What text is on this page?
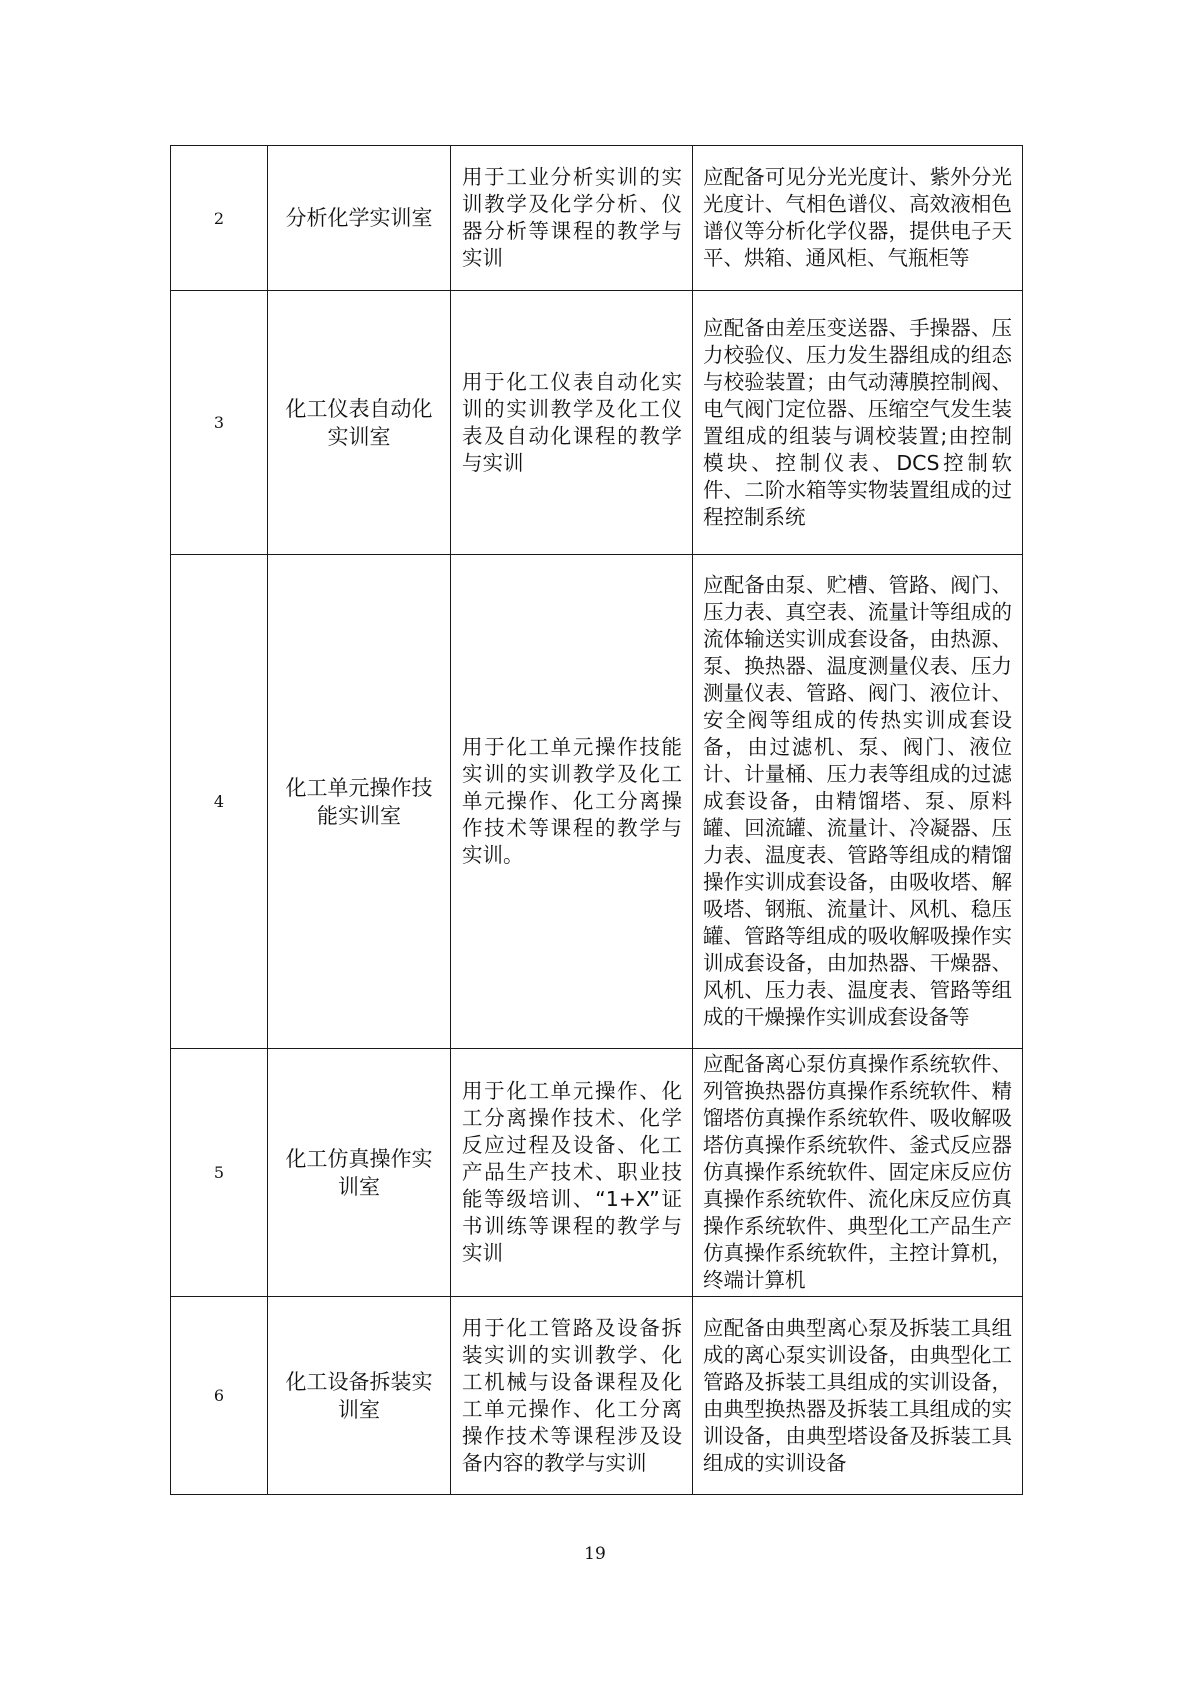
2	分析化学实训室	用于工业分析实训的实训教学及化学分析、仪器分析等课程的教学与实训	应配备可见分光光度计、紫外分光光度计、气相色谱仪、高效液相色谱仪等分析化学仪器，提供电子天平、烘箱、通风柜、气瓶柜等
3	化工仪表自动化实训室	用于化工仪表自动化实训的实训教学及化工仪表及自动化课程的教学与实训	应配备由差压变送器、手操器、压力校验仪、压力发生器组成的组态与校验装置；由气动薄膜控制阀、电气阀门定位器、压缩空气发生装置组成的组装与调校装置;由控制模块、控制仪表、DCS控制软件、二阶水箱等实物装置组成的过程控制系统
4	化工单元操作技能实训室	用于化工单元操作技能实训的实训教学及化工单元操作、化工分离操作技术等课程的教学与实训。	应配备由泵、贮槽、管路、阀门、压力表、真空表、流量计等组成的流体输送实训成套设备，由热源、泵、换热器、温度测量仪表、压力测量仪表、管路、阀门、液位计、安全阀等组成的传热实训成套设备，由过滤机、泵、阀门、液位计、计量桶、压力表等组成的过滤成套设备，由精馏塔、泵、原料罐、回流罐、流量计、冷凝器、压力表、温度表、管路等组成的精馏操作实训成套设备，由吸收塔、解吸塔、钢瓶、流量计、风机、稳压罐、管路等组成的吸收解吸操作实训成套设备，由加热器、干燥器、风机、压力表、温度表、管路等组成的干燥操作实训成套设备等
5	化工仿真操作实训室	用于化工单元操作、化工分离操作技术、化学反应过程及设备、化工产品生产技术、职业技能等级培训、“1+X”证书训练等课程的教学与实训	应配备离心泵仿真操作系统软件、列管换热器仿真操作系统软件、精馏塔仿真操作系统软件、吸收解吸塔仿真操作系统软件、釜式反应器仿真操作系统软件、固定床反应仿真操作系统软件、流化床反应仿真操作系统软件、典型化工产品生产仿真操作系统软件，主控计算机，终端计算机
6	化工设备拆装实训室	用于化工管路及设备拆装实训的实训教学、化工机械与设备课程及化工单元操作、化工分离操作技术等课程涉及设备内容的教学与实训	应配备由典型离心泵及拆装工具组成的离心泵实训设备，由典型化工管路及拆装工具组成的实训设备，由典型换热器及拆装工具组成的实训设备，由典型塔设备及拆装工具组成的实训设备
19
